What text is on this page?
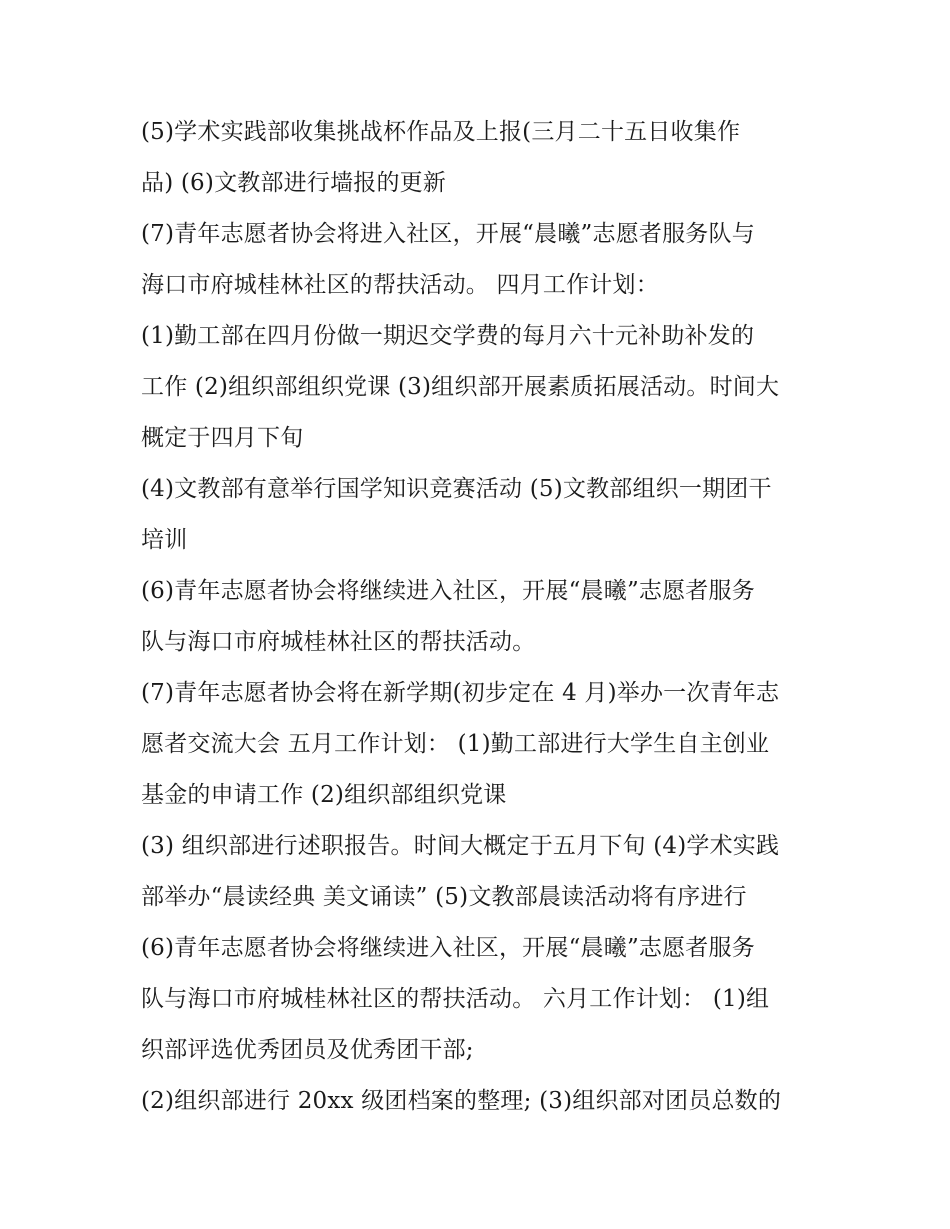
(5)学术实践部收集挑战杯作品及上报(三月二十五日收集作
品) (6)文教部进行墙报的更新
(7)青年志愿者协会将进入社区，开展“晨曦”志愿者服务队与
海口市府城桂林社区的帮扶活动。 四月工作计划：
(1)勤工部在四月份做一期迟交学费的每月六十元补助补发的
工作 (2)组织部组织党课 (3)组织部开展素质拓展活动。时间大
概定于四月下旬
(4)文教部有意举行国学知识竞赛活动 (5)文教部组织一期团干
培训
(6)青年志愿者协会将继续进入社区，开展“晨曦”志愿者服务
队与海口市府城桂林社区的帮扶活动。
(7)青年志愿者协会将在新学期(初步定在 4 月)举办一次青年志
愿者交流大会 五月工作计划： (1)勤工部进行大学生自主创业
基金的申请工作 (2)组织部组织党课
(3) 组织部进行述职报告。时间大概定于五月下旬 (4)学术实践
部举办“晨读经典 美文诵读” (5)文教部晨读活动将有序进行
(6)青年志愿者协会将继续进入社区，开展“晨曦”志愿者服务
队与海口市府城桂林社区的帮扶活动。 六月工作计划： (1)组
织部评选优秀团员及优秀团干部;
(2)组织部进行 20xx 级团档案的整理; (3)组织部对团员总数的
